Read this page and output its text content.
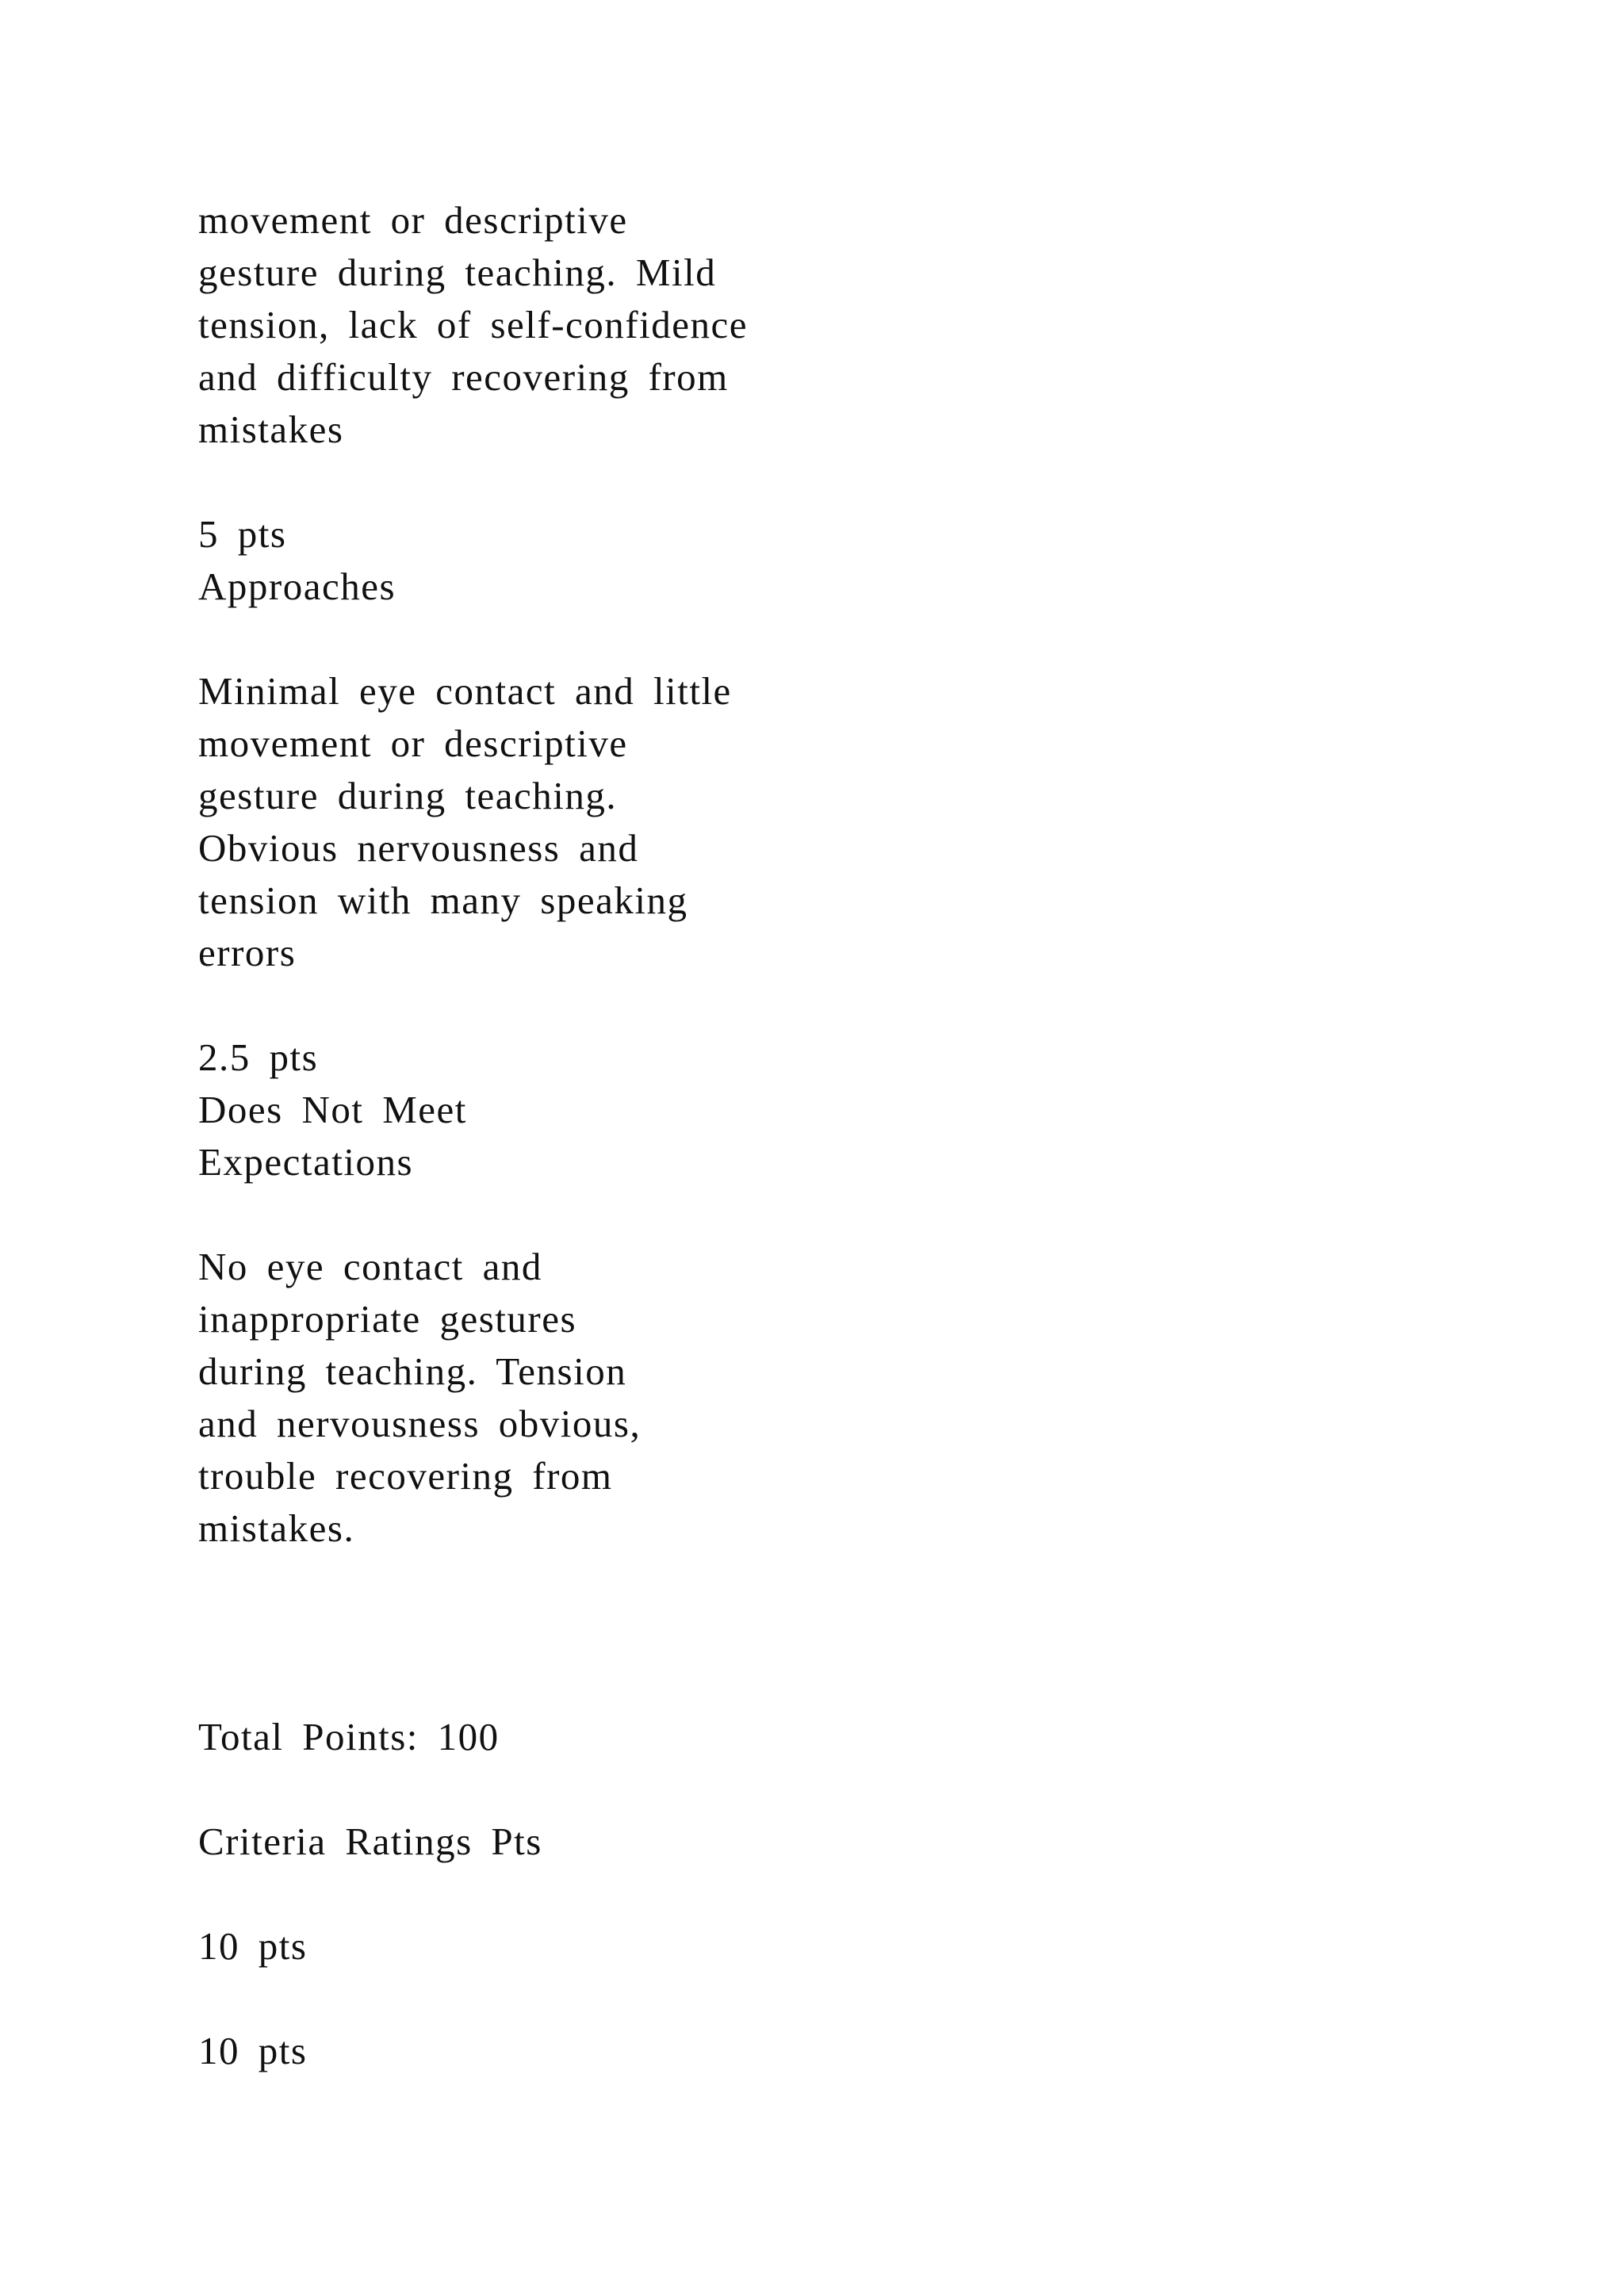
movement or descriptive

gesture during teaching. Mild

tension, lack of self-confidence

and difficulty recovering from

mistakes

5 pts

Approaches

Minimal eye contact and little

movement or descriptive

gesture during teaching.

Obvious nervousness and

tension with many speaking

errors

2.5 pts

Does Not Meet

Expectations

No eye contact and

inappropriate gestures

during teaching. Tension

and nervousness obvious,

trouble recovering from

mistakes.

Total Points: 100

Criteria Ratings Pts

10 pts

10 pts
